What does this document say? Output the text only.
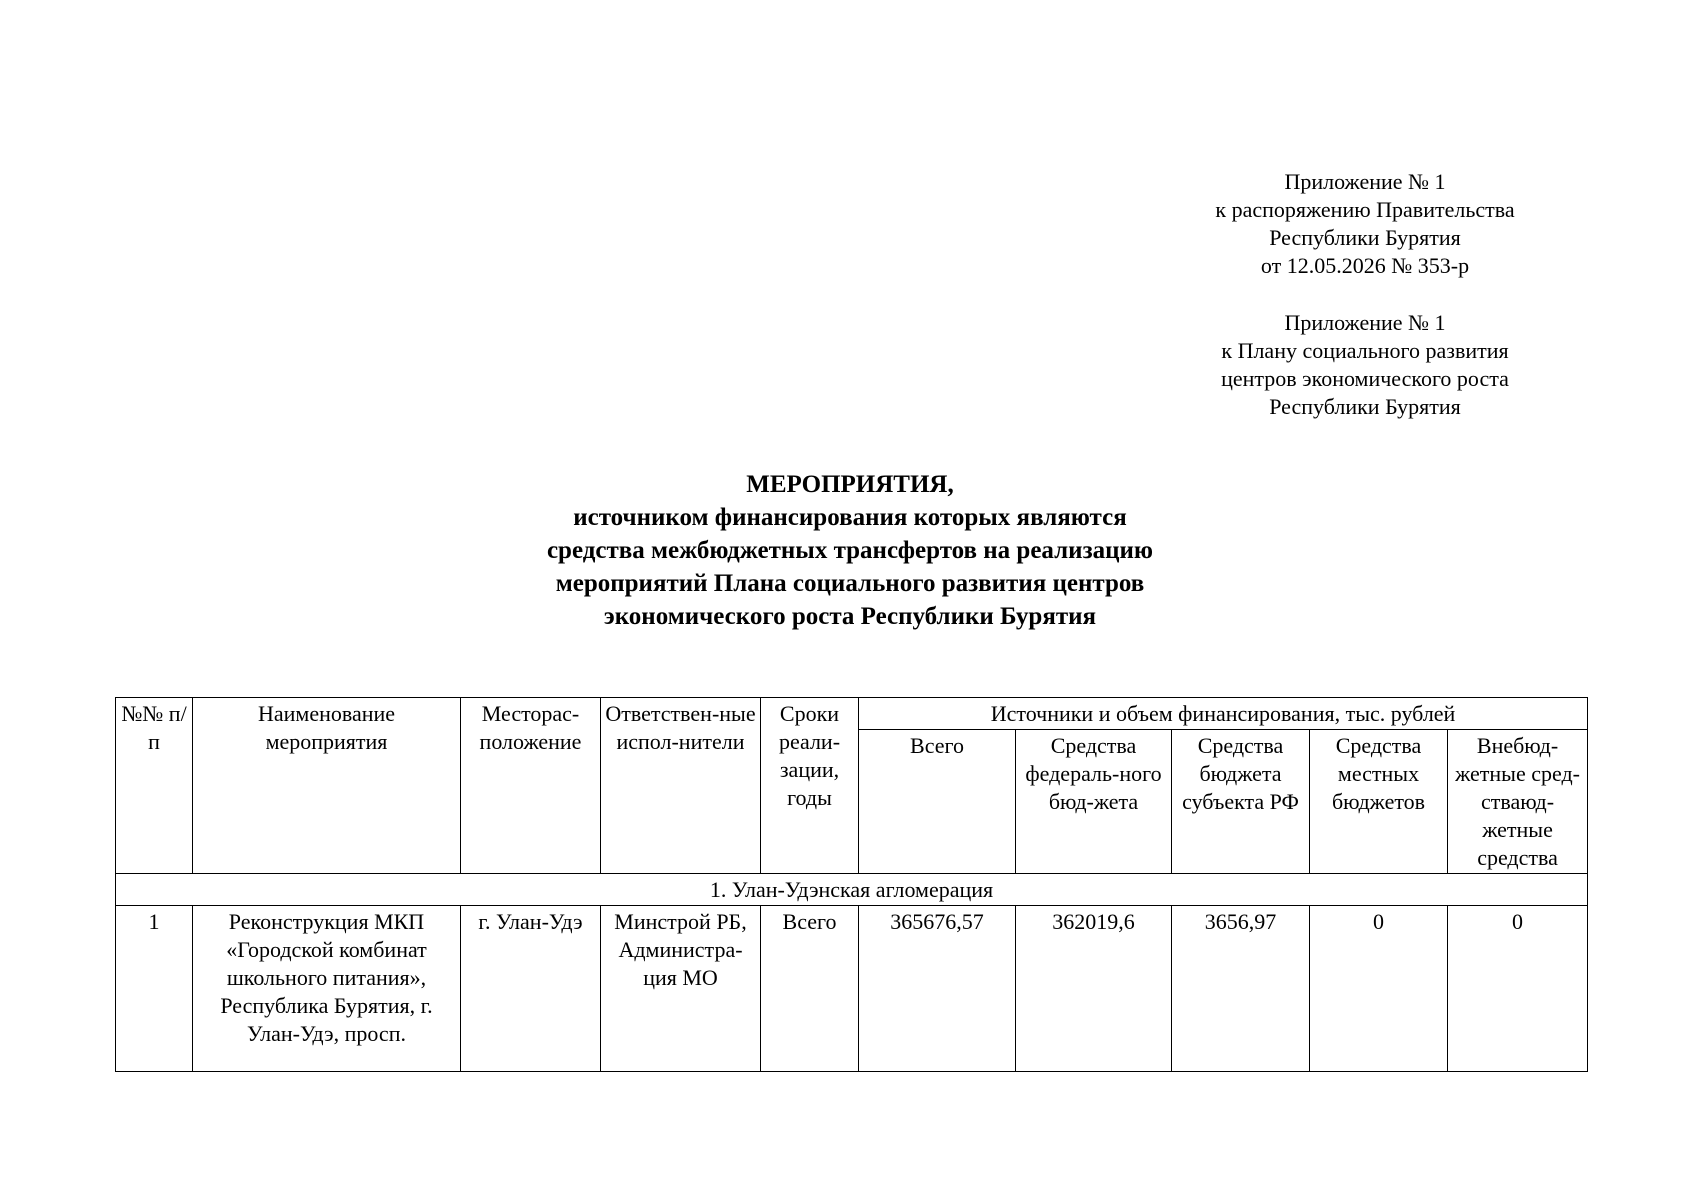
Приложение № 1
к распоряжению Правительства
Республики Бурятия
от 12.05.2026 № 353-р
Приложение № 1
к Плану социального развития
центров экономического роста
Республики Бурятия
МЕРОПРИЯТИЯ,
источником финансирования которых являются
средства межбюджетных трансфертов на реализацию
мероприятий Плана социального развития центров
экономического роста Республики Бурятия
№№ п/п	Наименование мероприятия	Месторас-положение	Ответствен-ные испол-нители	Сроки реали-зации, годы	Источники и объем финансирования, тыс. рублей				
					Всего	Средства федераль-ного бюд-жета	Средства бюджета субъекта РФ	Средства местных бюджетов	Внебюд-жетные сред-стваюд-жетные средства
1. Улан-Удэнская агломерация									
1	Реконструкция МКП «Городской комбинат школьного питания», Республика Бурятия, г. Улан-Удэ, просп.	г. Улан-Удэ	Минстрой РБ, Администра-ция МО	Всего	365676,57	362019,6	3656,97	0	0
